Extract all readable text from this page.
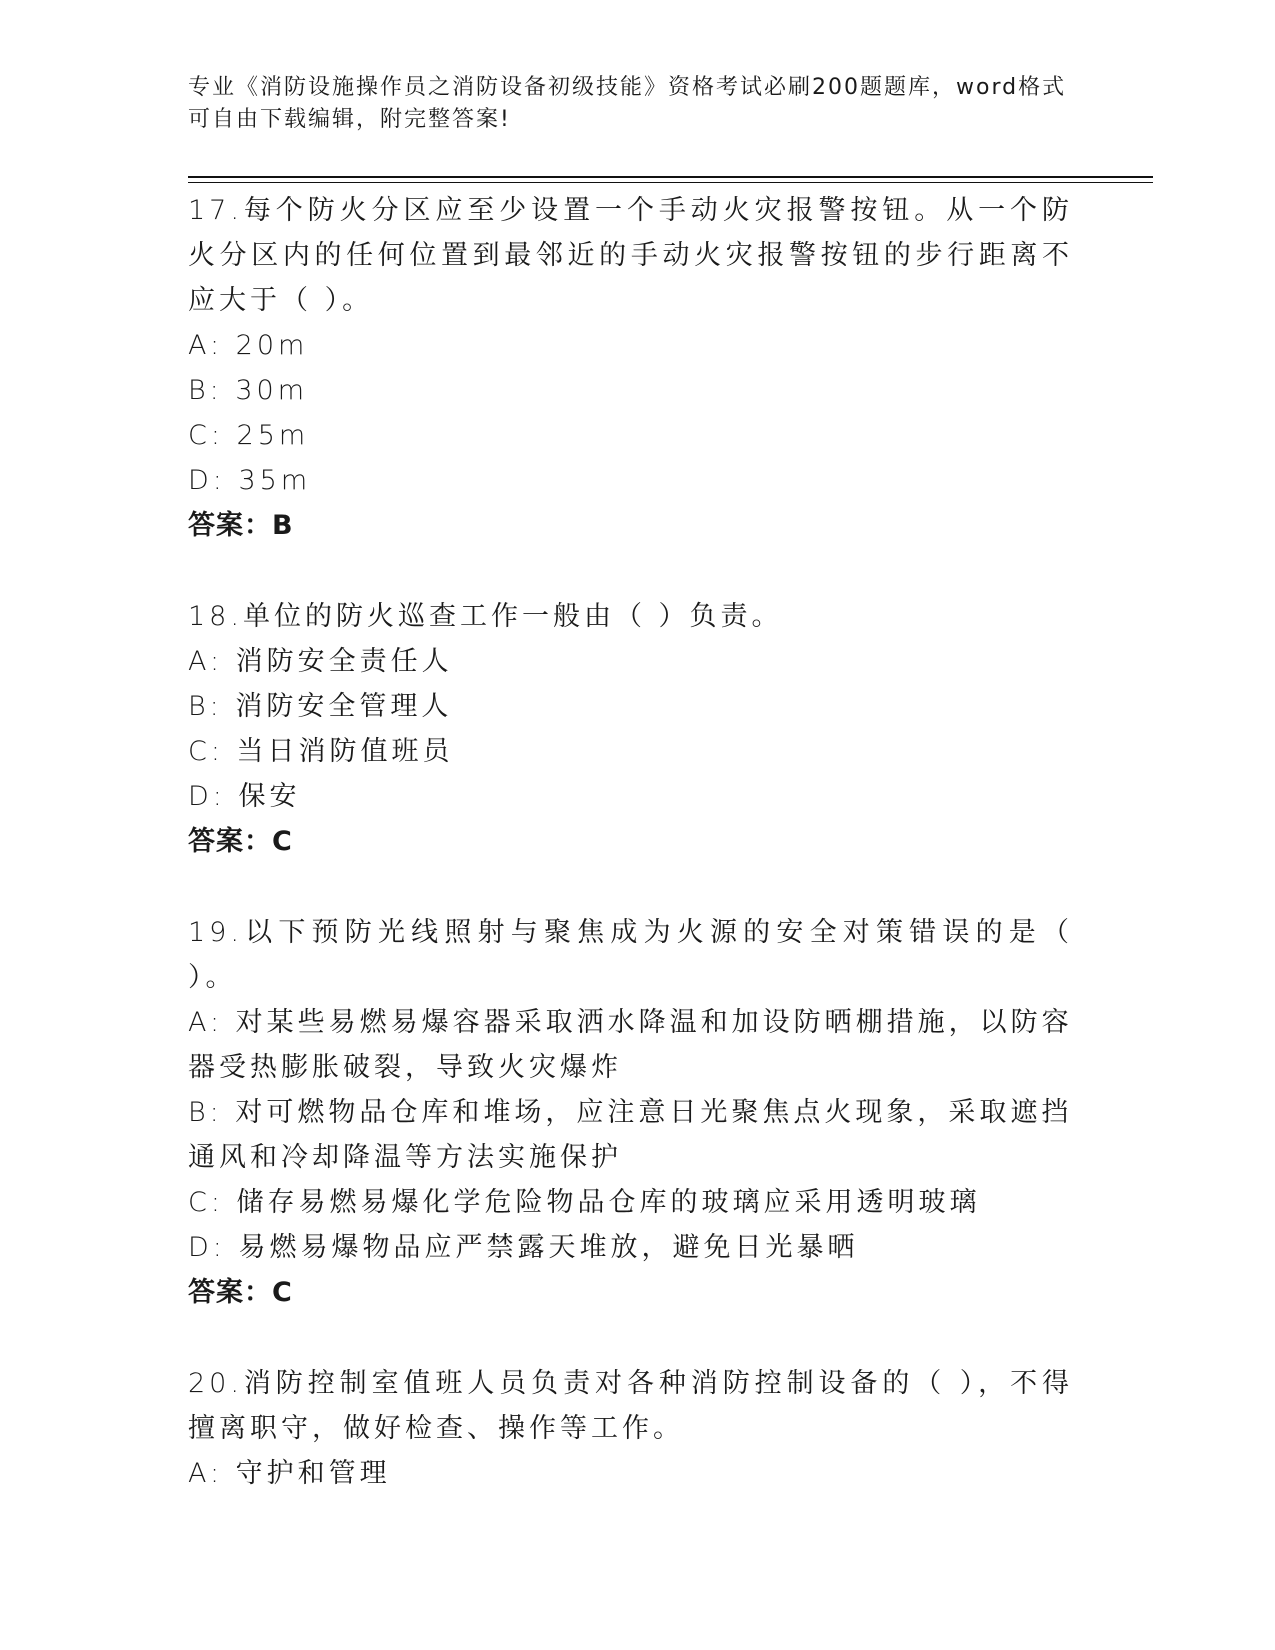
专业《消防设施操作员之消防设备初级技能》资格考试必刷200题题库，word格式可自由下载编辑，附完整答案!
17.每个防火分区应至少设置一个手动火灾报警按钮。从一个防火分区内的任何位置到最邻近的手动火灾报警按钮的步行距离不应大于（ ）。
A: 20m
B: 30m
C: 25m
D: 35m
答案：B
18.单位的防火巡查工作一般由（ ）负责。
A: 消防安全责任人
B: 消防安全管理人
C: 当日消防值班员
D: 保安
答案：C
19.以下预防光线照射与聚焦成为火源的安全对策错误的是（ ）。
A: 对某些易燃易爆容器采取洒水降温和加设防晒棚措施，以防容器受热膨胀破裂，导致火灾爆炸
B: 对可燃物品仓库和堆场，应注意日光聚焦点火现象，采取遮挡通风和冷却降温等方法实施保护
C: 储存易燃易爆化学危险物品仓库的玻璃应采用透明玻璃
D: 易燃易爆物品应严禁露天堆放，避免日光暴晒
答案：C
20.消防控制室值班人员负责对各种消防控制设备的（ ），不得擅离职守，做好检查、操作等工作。
A: 守护和管理
